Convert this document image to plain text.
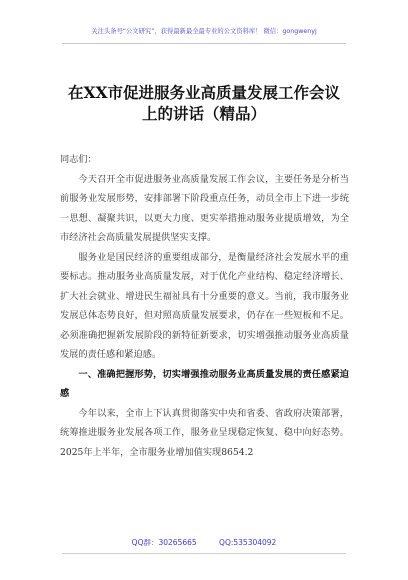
关注头条号“公文研究”，获得最新最全最专业的公文资料库！ 微信：gongwenyj
在XX市促进服务业高质量发展工作会议
上的讲话（精品）

同志们：

今天召开全市促进服务业高质量发展工作会议，主要任务是分析当前服务业发展形势，安排部署下阶段重点任务，动员全市上下进一步统一思想、凝聚共识，以更大力度、更实举措推动服务业提质增效，为全市经济社会高质量发展提供坚实支撑。

服务业是国民经济的重要组成部分，是衡量经济社会发展水平的重要标志。推动服务业高质量发展，对于优化产业结构、稳定经济增长、扩大社会就业、增进民生福祉具有十分重要的意义。当前，我市服务业发展总体态势良好，但对照高质量发展要求，仍存在一些短板和不足。必须准确把握新发展阶段的新特征新要求，切实增强推动服务业高质量发展的责任感和紧迫感。

一、准确把握形势，切实增强推动服务业高质量发展的责任感紧迫感

今年以来，全市上下认真贯彻落实中央和省委、省政府决策部署，统筹推进服务业发展各项工作，服务业呈现稳定恢复、稳中向好态势。2025年上半年，全市服务业增加值实现8654.2

QQ群：30265665	QQ:535304092
